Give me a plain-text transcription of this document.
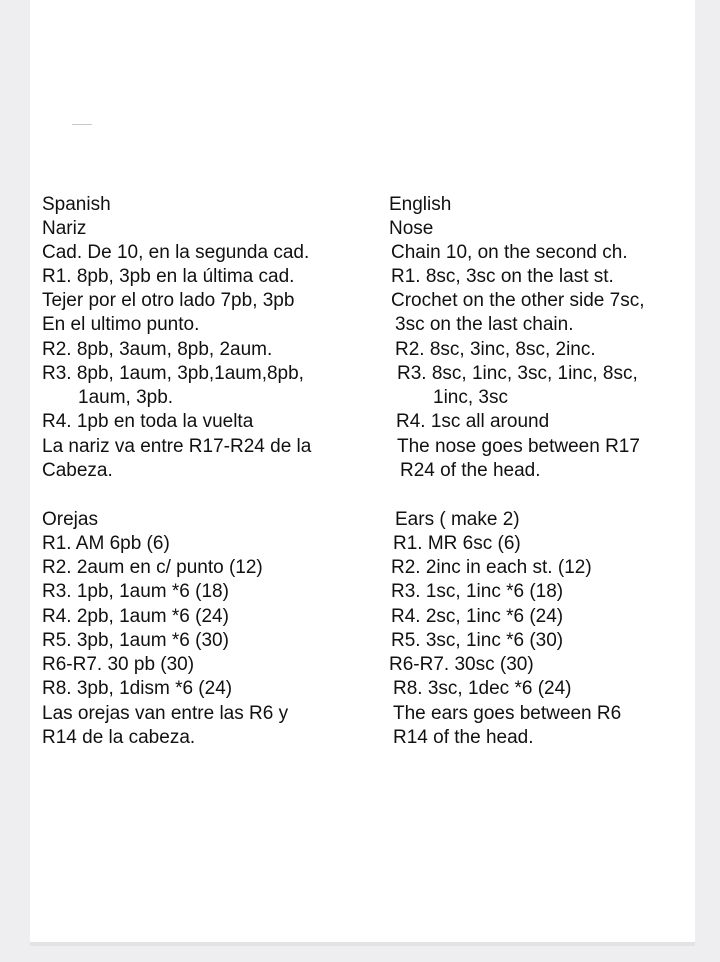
Spanish
Nariz
Cad. De 10, en la segunda cad.
R1. 8pb, 3pb en la última cad.
Tejer por el otro lado 7pb, 3pb
En el ultimo punto.
R2. 8pb, 3aum, 8pb, 2aum.
R3. 8pb, 1aum, 3pb,1aum,8pb,
1aum, 3pb.
R4. 1pb en toda la vuelta
La nariz va entre R17-R24 de la
Cabeza.
Orejas
R1. AM 6pb (6)
R2. 2aum en c/ punto (12)
R3. 1pb, 1aum *6 (18)
R4. 2pb, 1aum *6 (24)
R5. 3pb, 1aum *6 (30)
R6-R7. 30 pb (30)
R8. 3pb, 1dism *6 (24)
Las orejas van entre las R6 y
R14 de la cabeza.
English
Nose
Chain 10, on the second ch.
R1. 8sc, 3sc on the last st.
Crochet on the other side 7sc,
3sc on the last chain.
R2. 8sc, 3inc, 8sc, 2inc.
R3. 8sc, 1inc, 3sc, 1inc, 8sc,
1inc, 3sc
R4. 1sc all around
The nose goes between R17
R24 of the head.
Ears ( make 2)
R1. MR 6sc (6)
R2. 2inc in each st. (12)
R3. 1sc, 1inc *6 (18)
R4. 2sc, 1inc *6 (24)
R5. 3sc, 1inc *6 (30)
R6-R7. 30sc (30)
R8. 3sc, 1dec *6 (24)
The ears goes between R6
R14 of the head.
